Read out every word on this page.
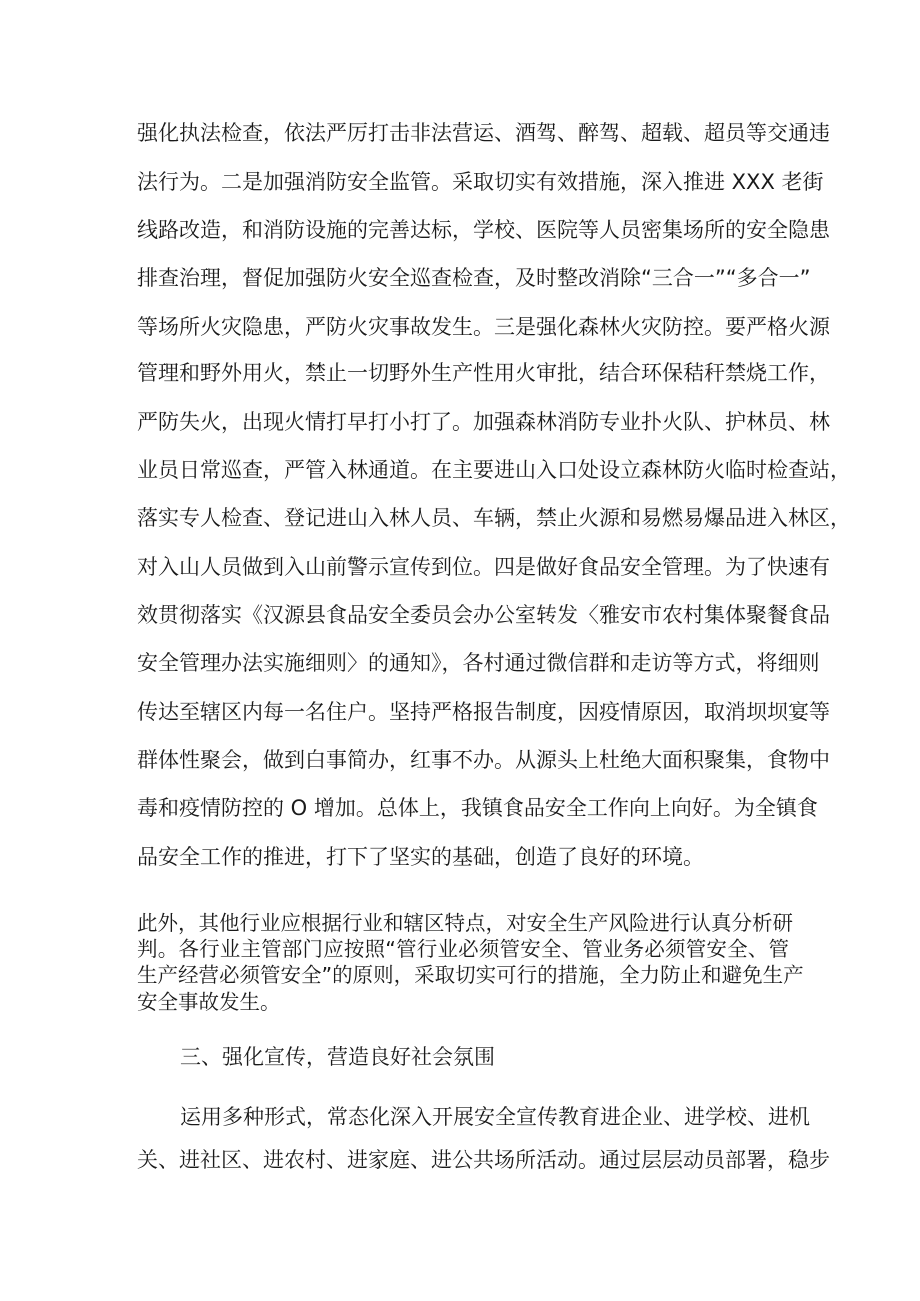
强化执法检查，依法严厉打击非法营运、酒驾、醉驾、超载、超员等交通违
法行为。二是加强消防安全监管。采取切实有效措施，深入推进 XXX 老街
线路改造，和消防设施的完善达标，学校、医院等人员密集场所的安全隐患
排查治理，督促加强防火安全巡查检查，及时整改消除“三合一”“多合一”
等场所火灾隐患，严防火灾事故发生。三是强化森林火灾防控。要严格火源
管理和野外用火，禁止一切野外生产性用火审批，结合环保秸秆禁烧工作，
严防失火，出现火情打早打小打了。加强森林消防专业扑火队、护林员、林
业员日常巡查，严管入林通道。在主要进山入口处设立森林防火临时检查站，
落实专人检查、登记进山入林人员、车辆，禁止火源和易燃易爆品进入林区，
对入山人员做到入山前警示宣传到位。四是做好食品安全管理。为了快速有
效贯彻落实《汉源县食品安全委员会办公室转发〈雅安市农村集体聚餐食品
安全管理办法实施细则〉的通知》，各村通过微信群和走访等方式，将细则
传达至辖区内每一名住户。坚持严格报告制度，因疫情原因，取消坝坝宴等
群体性聚会，做到白事简办，红事不办。从源头上杜绝大面积聚集，食物中
毒和疫情防控的 O 增加。总体上，我镇食品安全工作向上向好。为全镇食
品安全工作的推进，打下了坚实的基础，创造了良好的环境。
此外，其他行业应根据行业和辖区特点，对安全生产风险进行认真分析研
判。各行业主管部门应按照“管行业必须管安全、管业务必须管安全、管
生产经营必须管安全”的原则，采取切实可行的措施，全力防止和避免生产
安全事故发生。
三、强化宣传，营造良好社会氛围
运用多种形式，常态化深入开展安全宣传教育进企业、进学校、进机
关、进社区、进农村、进家庭、进公共场所活动。通过层层动员部署，稳步
